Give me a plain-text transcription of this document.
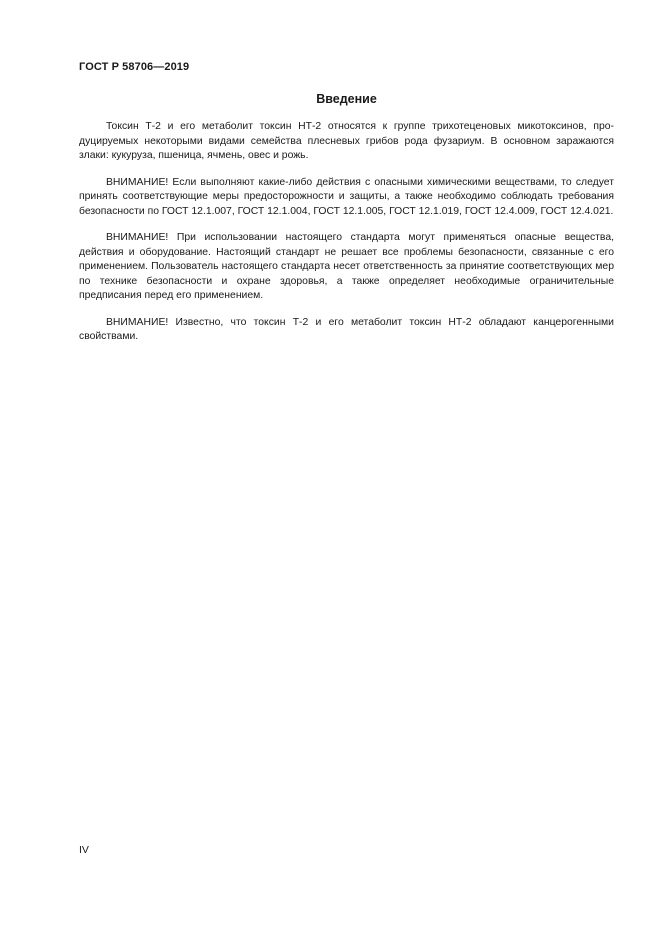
ГОСТ Р 58706—2019
Введение

Токсин Т-2 и его метаболит токсин НТ-2 относятся к группе трихотеценовых микотоксинов, продуцируемых некоторыми видами семейства плесневых грибов рода фузариум. В основном заражаются злаки: кукуруза, пшеница, ячмень, овес и рожь.

ВНИМАНИЕ! Если выполняют какие-либо действия с опасными химическими веществами, то следует принять соответствующие меры предосторожности и защиты, а также необходимо соблюдать требования безопасности по ГОСТ 12.1.007, ГОСТ 12.1.004, ГОСТ 12.1.005, ГОСТ 12.1.019, ГОСТ 12.4.009, ГОСТ 12.4.021.

ВНИМАНИЕ! При использовании настоящего стандарта могут применяться опасные вещества, действия и оборудование. Настоящий стандарт не решает все проблемы безопасности, связанные с его применением. Пользователь настоящего стандарта несет ответственность за принятие соответствующих мер по технике безопасности и охране здоровья, а также определяет необходимые ограничительные предписания перед его применением.

ВНИМАНИЕ! Известно, что токсин Т-2 и его метаболит токсин НТ-2 обладают канцерогенными свойствами.

IV
